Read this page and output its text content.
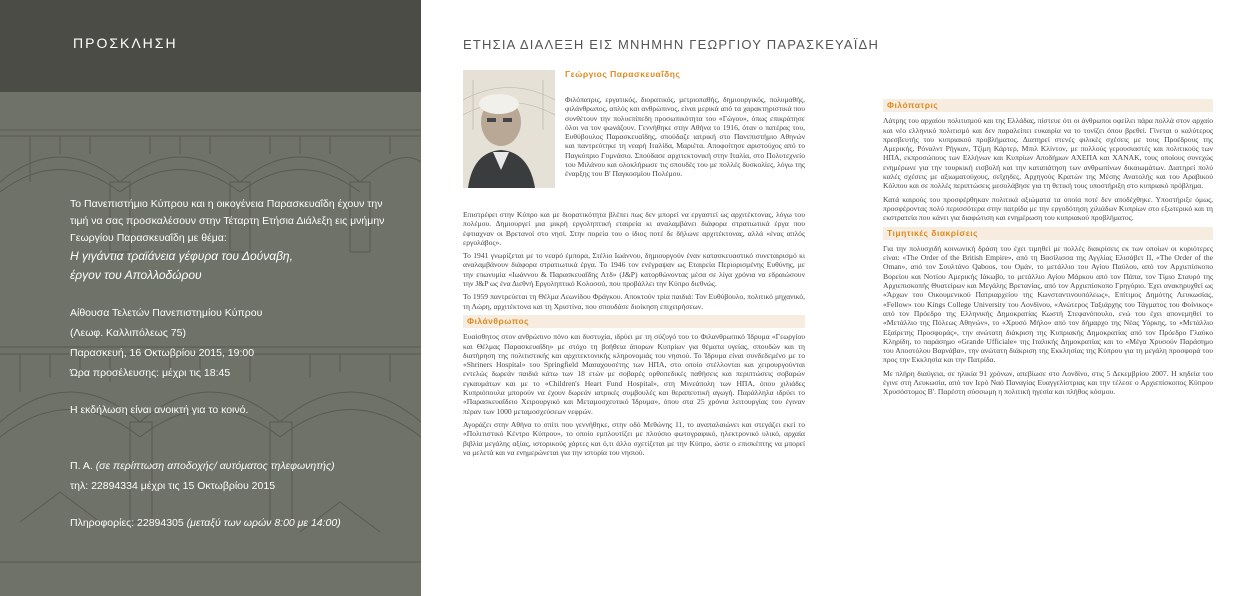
ΠΡΟΣΚΛΗΣΗ

Το Πανεπιστήμιο Κύπρου και η οικογένεια Παρασκευαΐδη έχουν την τιμή να σας προσκαλέσουν στην Τέταρτη Ετήσια Διάλεξη εις μνήμην Γεωργίου Παρασκευαΐδη με θέμα:

Η γιγάντια τραϊάνεια γέφυρα του Δούναβη,

έργον του Απολλοδώρου

Αίθουσα Τελετών Πανεπιστημίου Κύπρου

(Λεωφ. Καλλιπόλεως 75)

Παρασκευή, 16 Οκτωβρίου 2015, 19:00

Ώρα προσέλευσης: μέχρι τις 18:45

Η εκδήλωση είναι ανοικτή για το κοινό.

Π. Α. (σε περίπτωση αποδοχής/ αυτόματος τηλεφωνητής)

τηλ: 22894334 μέχρι τις 15 Οκτωβρίου 2015

Πληροφορίες: 22894305 (μεταξύ των ωρών 8:00 με 14:00)

ΕΤΗΣΙΑ ΔΙΑΛΕΞΗ ΕΙΣ ΜΝΗΜΗΝ ΓΕΩΡΓΙΟΥ ΠΑΡΑΣΚΕΥΑΪΔΗ
Γεώργιος Παρασκευαΐδης

Φιλόπατρις, εργατικός, διορατικός, μετριοπαθής, δημιουργικός, πολυμαθής, φιλάνθρωπος, απλός και ανθρώπινος, είναι μερικά από τα χαρακτηριστικά που συνθέτουν την πολυεπίπεδη προσωπικότητα του «Γώγου», όπως επικράτησε όλοι να τον φωνάζουν. Γεννήθηκε στην Αθήνα το 1916, όταν ο πατέρας του, Ευθύβουλος Παρασκευαΐδης, σπούδαζε ιατρική στο Πανεπιστήμιο Αθηνών και παντρεύτηκε τη νεαρή Ιταλίδα, Μαριέτα. Αποφοίτησε αριστούχος από το Παγκύπριο Γυμνάσιο. Σπούδασε αρχιτεκτονική στην Ιταλία, στο Πολυτεχνείο του Μιλάνου και ολοκλήρωσε τις σπουδές του με πολλές δυσκολίες, λόγω της έναρξης του Β' Παγκοσμίου Πολέμου.

Επιστρέφει στην Κύπρο και με διορατικότητα βλέπει πως δεν μπορεί να εργαστεί ως αρχιτέκτονας, λόγω του πολέμου. Δημιουργεί μια μικρή εργοληπτική εταιρεία κι αναλαμβάνει διάφορα στρατιωτικά έργα που έφτιαχναν οι Βρετανοί στο νησί. Στην πορεία του ο ίδιος ποτέ δε δήλωνε αρχιτέκτονας, αλλά «ένας απλός εργολάβος».

Το 1941 γνωρίζεται με το νεαρό έμπορα, Στέλιο Ιωάννου, δημιουργούν έναν κατασκευαστικό συνεταιρισμό κι αναλαμβάνουν διάφορα στρατιωτικά έργα. Το 1946 τον ενέγραψαν ως Εταιρεία Περιορισμένης Ευθύνης, με την επωνυμία «Ιωάννου & Παρασκευαΐδης Λτδ» (J&P) κατορθώνοντας μέσα σε λίγα χρόνια να εδραιώσουν την J&P ως ένα Διεθνή Εργοληπτικό Κολοσσό, που προβάλλει την Κύπρο διεθνώς.

Το 1959 παντρεύεται τη Θέλμα Λεωνίδου Φράγκου. Αποκτούν τρία παιδιά: Τον Ευθύβουλο, πολιτικό μηχανικό, τη Λώρη, αρχιτέκτονα και τη Χριστίνα, που σπουδάσε διοίκηση επιχειρήσεων.

Φιλάνθρωπος

Ευαίσθητος στον ανθρώπινο πόνο και δυστυχία, ιδρύει με τη σύζυγό του το Φιλανθρωπικό Ίδρυμα «Γεωργίου και Θέλμας Παρασκευαΐδη» με στόχο τη βοήθεια άπορων Κυπρίων για θέματα υγείας, σπουδών και τη διατήρηση της πολιτιστικής και αρχιτεκτονικής κληρονομιάς του νησιού. Το Ίδρυμα είναι συνδεδεμένο με το «Shriners Hospital» του Springfield Μασαχουσέτης των ΗΠΑ, στο οποίο στέλλονται και χειρουργούνται εντελώς δωρεάν παιδιά κάτω των 18 ετών με σοβαρές ορθοπεδικές παθήσεις και περιπτώσεις σοβαρών εγκαυμάτων και με το «Children's Heart Fund Hospital», στη Μινεάπολη των ΗΠΑ, όπου χιλιάδες Κυπριόπουλα μπορούν να έχουν δωρεάν ιατρικές συμβουλές και θεραπευτική αγωγή. Παράλληλα ιδρύει το «Παρασκευαΐδειο Χειρουργικό και Μεταμοσχευτικό Ίδρυμα», όπου στα 25 χρόνια λειτουργίας του έγιναν πέραν των 1000 μεταμοσχεύσεων νεφρών.

Αγοράζει στην Αθήνα το σπίτι που γεννήθηκε, στην οδό Μεθώνης 11, το αναπαλαιώνει και στεγάζει εκεί το «Πολιτιστικό Κέντρο Κύπρου», το οποίο εμπλουτίζει με πλούσιο φωτογραφικό, ηλεκτρονικό υλικό, αρχαία βιβλία μεγάλης αξίας, ιστορικούς χάρτες και ό,τι άλλο σχετίζεται με την Κύπρο, ώστε ο επισκέπτης να μπορεί να μελετά και να ενημερώνεται για την ιστορία του νησιού.

Φιλόπατρις

Λάτρης του αρχαίου πολιτισμού και της Ελλάδας, πίστευε ότι οι άνθρωποι οφείλει πάρα πολλά στον αρχαίο και νέο ελληνικό πολιτισμό και δεν παραλείπει ευκαιρία να το τονίζει όπου βρεθεί. Γίνεται ο καλύτερος πρεσβευτής του κυπριακού προβλήματος. Διατηρεί στενές φιλικές σχέσεις με τους Προέδρους της Αμερικής, Ρόναλντ Ρήγκαν, Τζίμη Κάρτερ, Μπιλ Κλίντον, με πολλούς γερουσιαστές και πολιτικούς των ΗΠΑ, εκπροσώπους των Ελλήνων και Κυπρίων Αποδήμων ΑΧΕΠΑ και ΧΑΝΑΚ, τους οποίους συνεχώς ενημέρωνε για την τουρκική εισβολή και την καταπάτηση των ανθρωπίνων δικαιωμάτων. Διατηρεί πολύ καλές σχέσεις με αξιωματούχους, σεΐχηδες, Αρχηγούς Κρατών της Μέσης Ανατολής και του Αραβικού Κόλπου και σε πολλές περιπτώσεις μεσολάβησε για τη θετική τους υποστήριξη στο κυπριακό πρόβλημα.

Κατά καιρούς του προσφέρθηκαν πολιτικά αξιώματα τα οποία ποτέ δεν αποδέχθηκε. Υποστήριξε όμως, προσφέροντας πολύ περισσότερα στην πατρίδα με την εργοδότηση χιλιάδων Κυπρίων στο εξωτερικό και τη εκστρατεία που κάνει για διαφώτιση και ενημέρωση του κυπριακού προβλήματος.

Τιμητικές διακρίσεις

Για την πολυσχιδή κοινωνική δράση του έχει τιμηθεί με πολλές διακρίσεις εκ των οποίων οι κυριότερες είναι: «The Order of the British Empire», από τη Βασίλισσα της Αγγλίας Ελισάβετ ΙΙ, «The Order of the Oman», από τον Σουλτάνο Qaboos, του Ομάν, το μετάλλιο του Αγίου Παύλου, από τον Αρχιεπίσκοπο Βορείου και Νοτίου Αμερικής Ιάκωβο, το μετάλλιο Αγίου Μάρκου από τον Πάπα, τον Τίμιο Σταυρό της Αρχιεπισκοπής Θυατείρων και Μεγάλης Βρετανίας, από τον Αρχιεπίσκοπο Γρηγόριο. Έχει ανακηρυχθεί ως «Άρχων του Οικουμενικού Πατριαρχείου της Κωνσταντινουπόλεως», Επίτιμος Δημότης Λευκωσίας, «Fellow» του Kings College University του Λονδίνου, «Ανώτερος Ταξιάρχης του Τάγματος του Φοίνικος» από τον Πρόεδρο της Ελληνικής Δημοκρατίας Κωστή Στεφανόπουλο, ενώ του έχει απονεμηθεί το «Μετάλλιο της Πόλεως Αθηνών», το «Χρυσό Μήλο» από τον δήμαρχο της Νέας Υόρκης, το «Μετάλλιο Εξαίρετης Προσφοράς», την ανώτατη διάκριση της Κυπριακής Δημοκρατίας από τον Πρόεδρο Γλαύκο Κληρίδη, το παράσημο «Grande Ufficiale» της Ιταλικής Δημοκρατίας και το «Μέγα Χρυσούν Παράσημο του Αποστόλου Βαρνάβα», την ανώτατη διάκριση της Εκκλησίας της Κύπρου για τη μεγάλη προσφορά του προς την Εκκλησία και την Πατρίδα.

Με πλήρη διαύγεια, σε ηλικία 91 χρόνων, απεβίωσε στο Λονδίνο, στις 5 Δεκεμβρίου 2007. Η κηδεία του έγινε στη Λευκωσία, από τον Ιερό Ναό Παναγίας Ευαγγελίστριας και την τέλεσε ο Αρχιεπίσκοπος Κύπρου Χρυσόστομος Β'. Παρέστη σύσσωμη η πολιτική ηγεσία και πλήθος κόσμου.
